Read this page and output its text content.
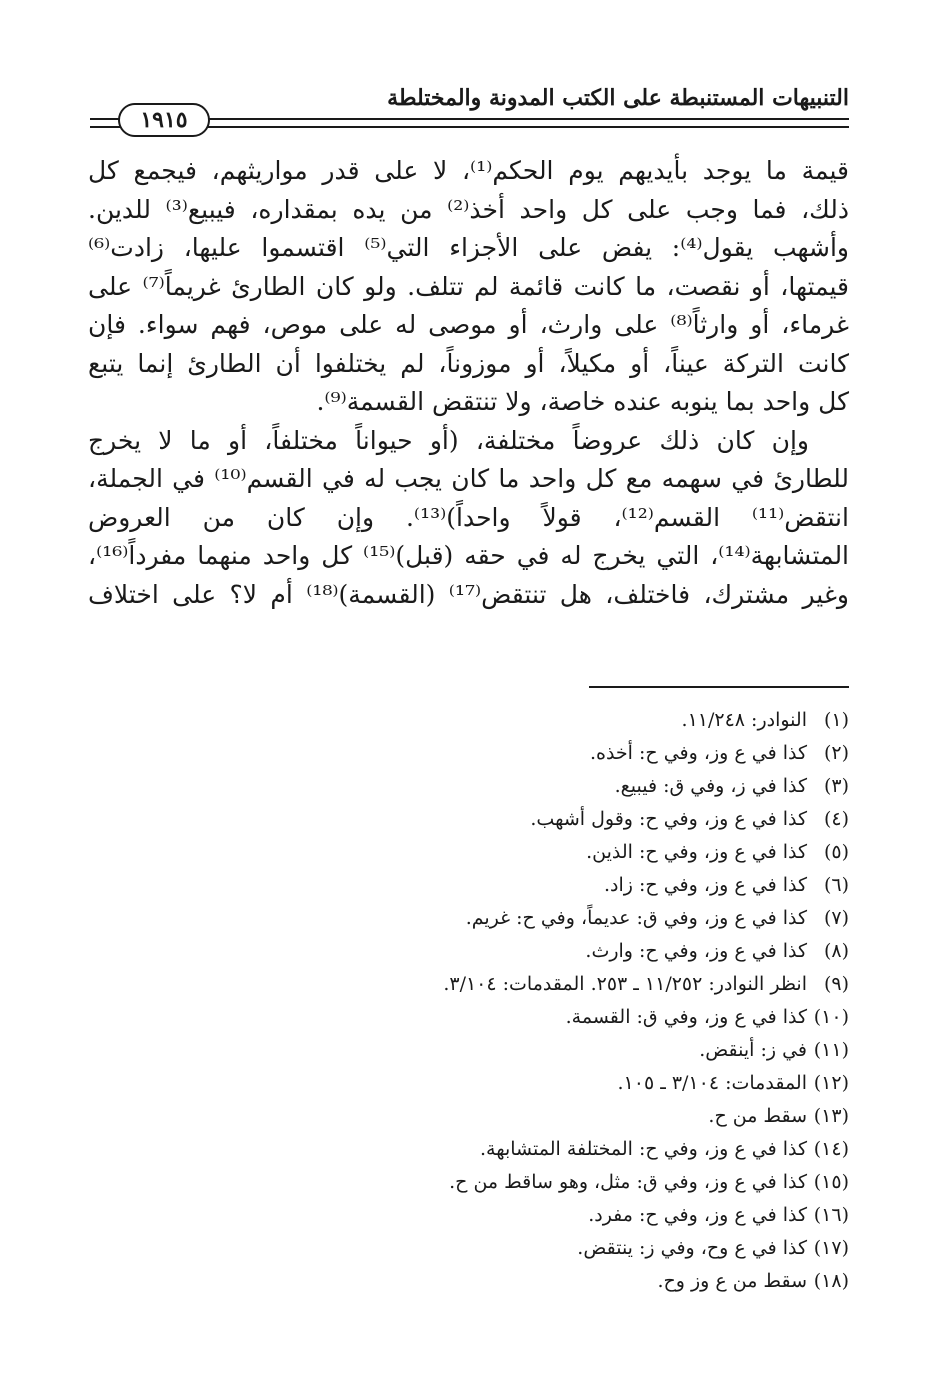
التنبيهات المستنبطة على الكتب المدونة والمختلطة
١٩١٥
قيمة ما يوجد بأيديهم يوم الحكم⁽¹⁾، لا على قدر مواريثهم، فيجمع كل
ذلك، فما وجب على كل واحد أخذ⁽²⁾ من يده بمقداره، فيبيع⁽³⁾ للدين.
وأشهب يقول⁽⁴⁾: يفض على الأجزاء التي⁽⁵⁾ اقتسموا عليها، زادت⁽⁶⁾
قيمتها، أو نقصت، ما كانت قائمة لم تتلف. ولو كان الطارئ غريماً⁽⁷⁾ على
غرماء، أو وارثاً⁽⁸⁾ على وارث، أو موصى له على موص، فهم سواء. فإن
كانت التركة عيناً، أو مكيلاً، أو موزوناً، لم يختلفوا أن الطارئ إنما يتبع
كل واحد بما ينوبه عنده خاصة، ولا تنتقض القسمة⁽⁹⁾.
وإن كان ذلك عروضاً مختلفة، (أو حيواناً مختلفاً، أو ما لا يخرج
للطارئ في سهمه مع كل واحد ما كان يجب له في القسم⁽¹⁰⁾ في الجملة،
انتقض⁽¹¹⁾ القسم⁽¹²⁾، قولاً واحداً)⁽¹³⁾. وإن كان من العروض
المتشابهة⁽¹⁴⁾، التي يخرج له في حقه (قبل)⁽¹⁵⁾ كل واحد منهما مفرداً⁽¹⁶⁾،
وغير مشترك، فاختلف، هل تنتقض⁽¹⁷⁾ (القسمة)⁽¹⁸⁾ أم لا؟ على اختلاف
(١)النوادر: ١١/٢٤٨.
(٢)كذا في ع وز، وفي ح: أخذه.
(٣)كذا في ز، وفي ق: فيبيع.
(٤)كذا في ع وز، وفي ح: وقول أشهب.
(٥)كذا في ع وز، وفي ح: الذين.
(٦)كذا في ع وز، وفي ح: زاد.
(٧)كذا في ع وز، وفي ق: عديماً، وفي ح: غريم.
(٨)كذا في ع وز، وفي ح: وارث.
(٩)انظر النوادر: ١١/٢٥٢ ـ ٢٥٣. المقدمات: ٣/١٠٤.
(١٠)كذا في ع وز، وفي ق: القسمة.
(١١)في ز: أينقض.
(١٢)المقدمات: ٣/١٠٤ ـ ١٠٥.
(١٣)سقط من ح.
(١٤)كذا في ع وز، وفي ح: المختلفة المتشابهة.
(١٥)كذا في ع وز، وفي ق: مثل، وهو ساقط من ح.
(١٦)كذا في ع وز، وفي ح: مفرد.
(١٧)كذا في ع وح، وفي ز: ينتقض.
(١٨)سقط من ع وز وح.
